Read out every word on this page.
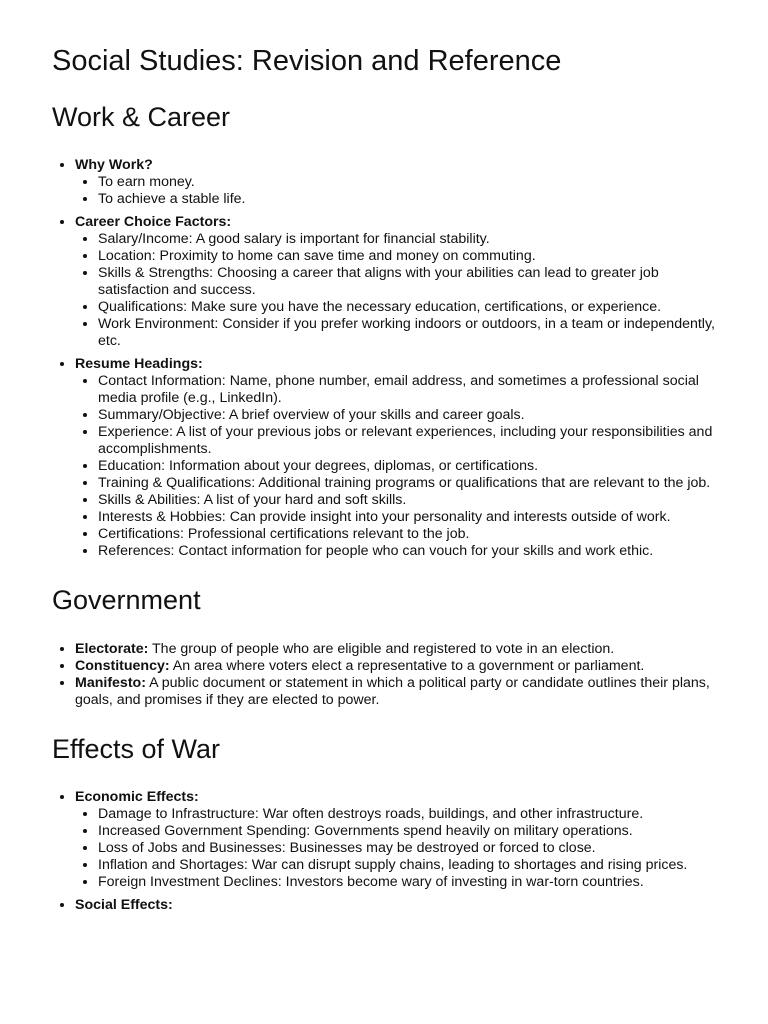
Social Studies: Revision and Reference
Work & Career
• Why Work?
• To earn money.
• To achieve a stable life.
• Career Choice Factors:
• Salary/Income: A good salary is important for financial stability.
• Location: Proximity to home can save time and money on commuting.
• Skills & Strengths: Choosing a career that aligns with your abilities can lead to greater job satisfaction and success.
• Qualifications: Make sure you have the necessary education, certifications, or experience.
• Work Environment: Consider if you prefer working indoors or outdoors, in a team or independently, etc.
• Resume Headings:
• Contact Information: Name, phone number, email address, and sometimes a professional social media profile (e.g., LinkedIn).
• Summary/Objective: A brief overview of your skills and career goals.
• Experience: A list of your previous jobs or relevant experiences, including your responsibilities and accomplishments.
• Education: Information about your degrees, diplomas, or certifications.
• Training & Qualifications: Additional training programs or qualifications that are relevant to the job.
• Skills & Abilities: A list of your hard and soft skills.
• Interests & Hobbies: Can provide insight into your personality and interests outside of work.
• Certifications: Professional certifications relevant to the job.
• References: Contact information for people who can vouch for your skills and work ethic.
Government
• Electorate: The group of people who are eligible and registered to vote in an election.
• Constituency: An area where voters elect a representative to a government or parliament.
• Manifesto: A public document or statement in which a political party or candidate outlines their plans, goals, and promises if they are elected to power.
Effects of War
• Economic Effects:
• Damage to Infrastructure: War often destroys roads, buildings, and other infrastructure.
• Increased Government Spending: Governments spend heavily on military operations.
• Loss of Jobs and Businesses: Businesses may be destroyed or forced to close.
• Inflation and Shortages: War can disrupt supply chains, leading to shortages and rising prices.
• Foreign Investment Declines: Investors become wary of investing in war-torn countries.
• Social Effects:
